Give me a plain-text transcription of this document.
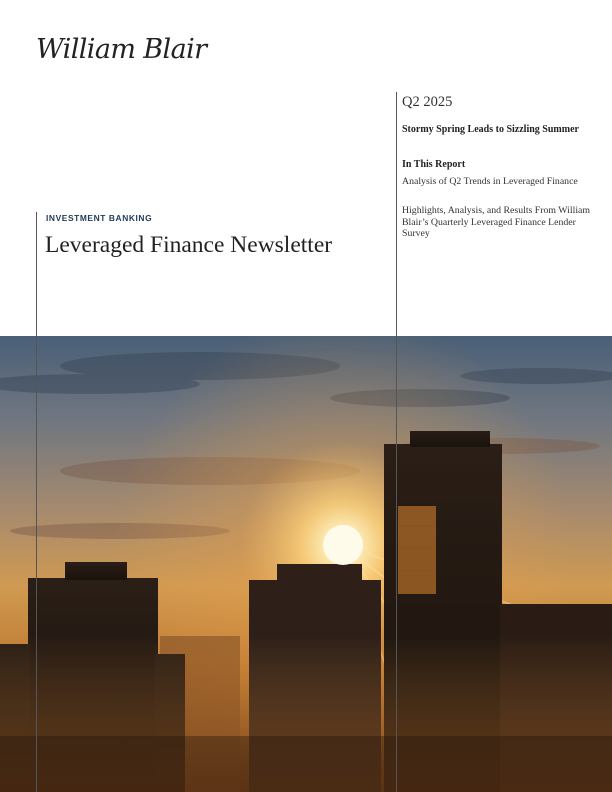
William Blair
INVESTMENT BANKING
Leveraged Finance Newsletter
Q2 2025
Stormy Spring Leads to Sizzling Summer
In This Report
Analysis of Q2 Trends in Leveraged Finance
Highlights, Analysis, and Results From William Blair’s Quarterly Leveraged Finance Lender Survey
